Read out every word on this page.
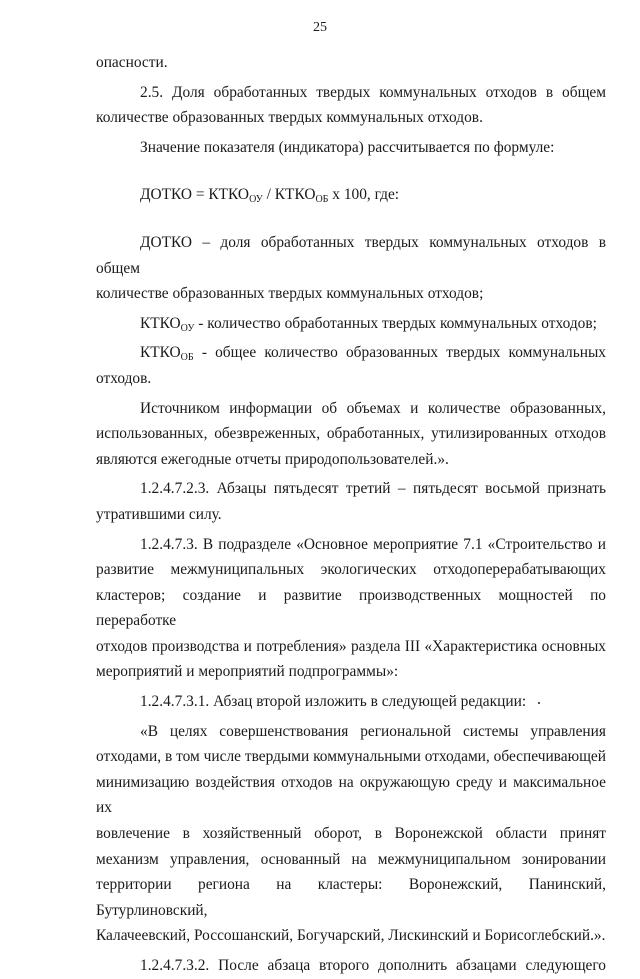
25

опасности.

2.5. Доля обработанных твердых коммунальных отходов в общем

количестве образованных твердых коммунальных отходов.

Значение показателя (индикатора) рассчитывается по формуле:

ДОТКО = $КТКО_{ОУ}$ / $КТКО_{ОБ}$ х 100, где:

ДОТКО – доля обработанных твердых коммунальных отходов в общем

количестве образованных твердых коммунальных отходов;

$КТКО_{ОУ}$ - количество обработанных твердых коммунальных отходов;

$КТКО_{ОБ}$ - общее количество образованных твердых коммунальных

отходов.

Источником информации об объемах и количестве образованных,

использованных, обезвреженных, обработанных, утилизированных отходов

являются ежегодные отчеты природопользователей.».

1.2.4.7.2.3. Абзацы пятьдесят третий – пятьдесят восьмой признать

утратившими силу.

1.2.4.7.3. В подразделе «Основное мероприятие 7.1 «Строительство и

развитие межмуниципальных экологических отходоперерабатывающих

кластеров; создание и развитие производственных мощностей по переработке

отходов производства и потребления» раздела III «Характеристика основных

мероприятий и мероприятий подпрограммы»:

1.2.4.7.3.1. Абзац второй изложить в следующей редакции:

«В целях совершенствования региональной системы управления

отходами, в том числе твердыми коммунальными отходами, обеспечивающей

минимизацию воздействия отходов на окружающую среду и максимальное их

вовлечение в хозяйственный оборот, в Воронежской области принят

механизм управления, основанный на межмуниципальном зонировании

территории региона на кластеры: Воронежский, Панинский, Бутурлиновский,

Калачеевский, Россошанский, Богучарский, Лискинский и Борисоглебский.».

1.2.4.7.3.2. После абзаца второго дополнить абзацами следующего
